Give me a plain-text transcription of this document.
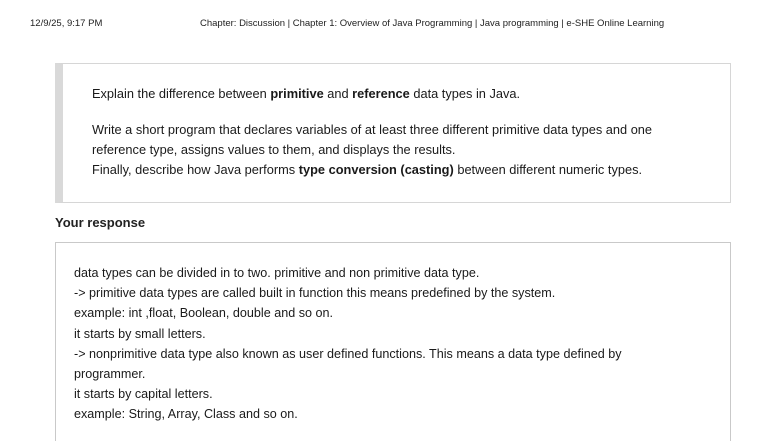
12/9/25, 9:17 PM	Chapter: Discussion | Chapter 1: Overview of Java Programming | Java programming | e-SHE Online Learning

Explain the difference between primitive and reference data types in Java.

Write a short program that declares variables of at least three different primitive data types and one
reference type, assigns values to them, and displays the results.

Finally, describe how Java performs type conversion (casting) between different numeric types.

Your response
data types can be divided in to two. primitive and non primitive data type.
-> primitive data types are called built in function this means predefined by the system.
example: int ,float, Boolean, double and so on.
it starts by small letters.
-> nonprimitive data type also known as user defined functions. This means a data type defined by
programmer.
it starts by capital letters.
example: String, Array, Class and so on.
